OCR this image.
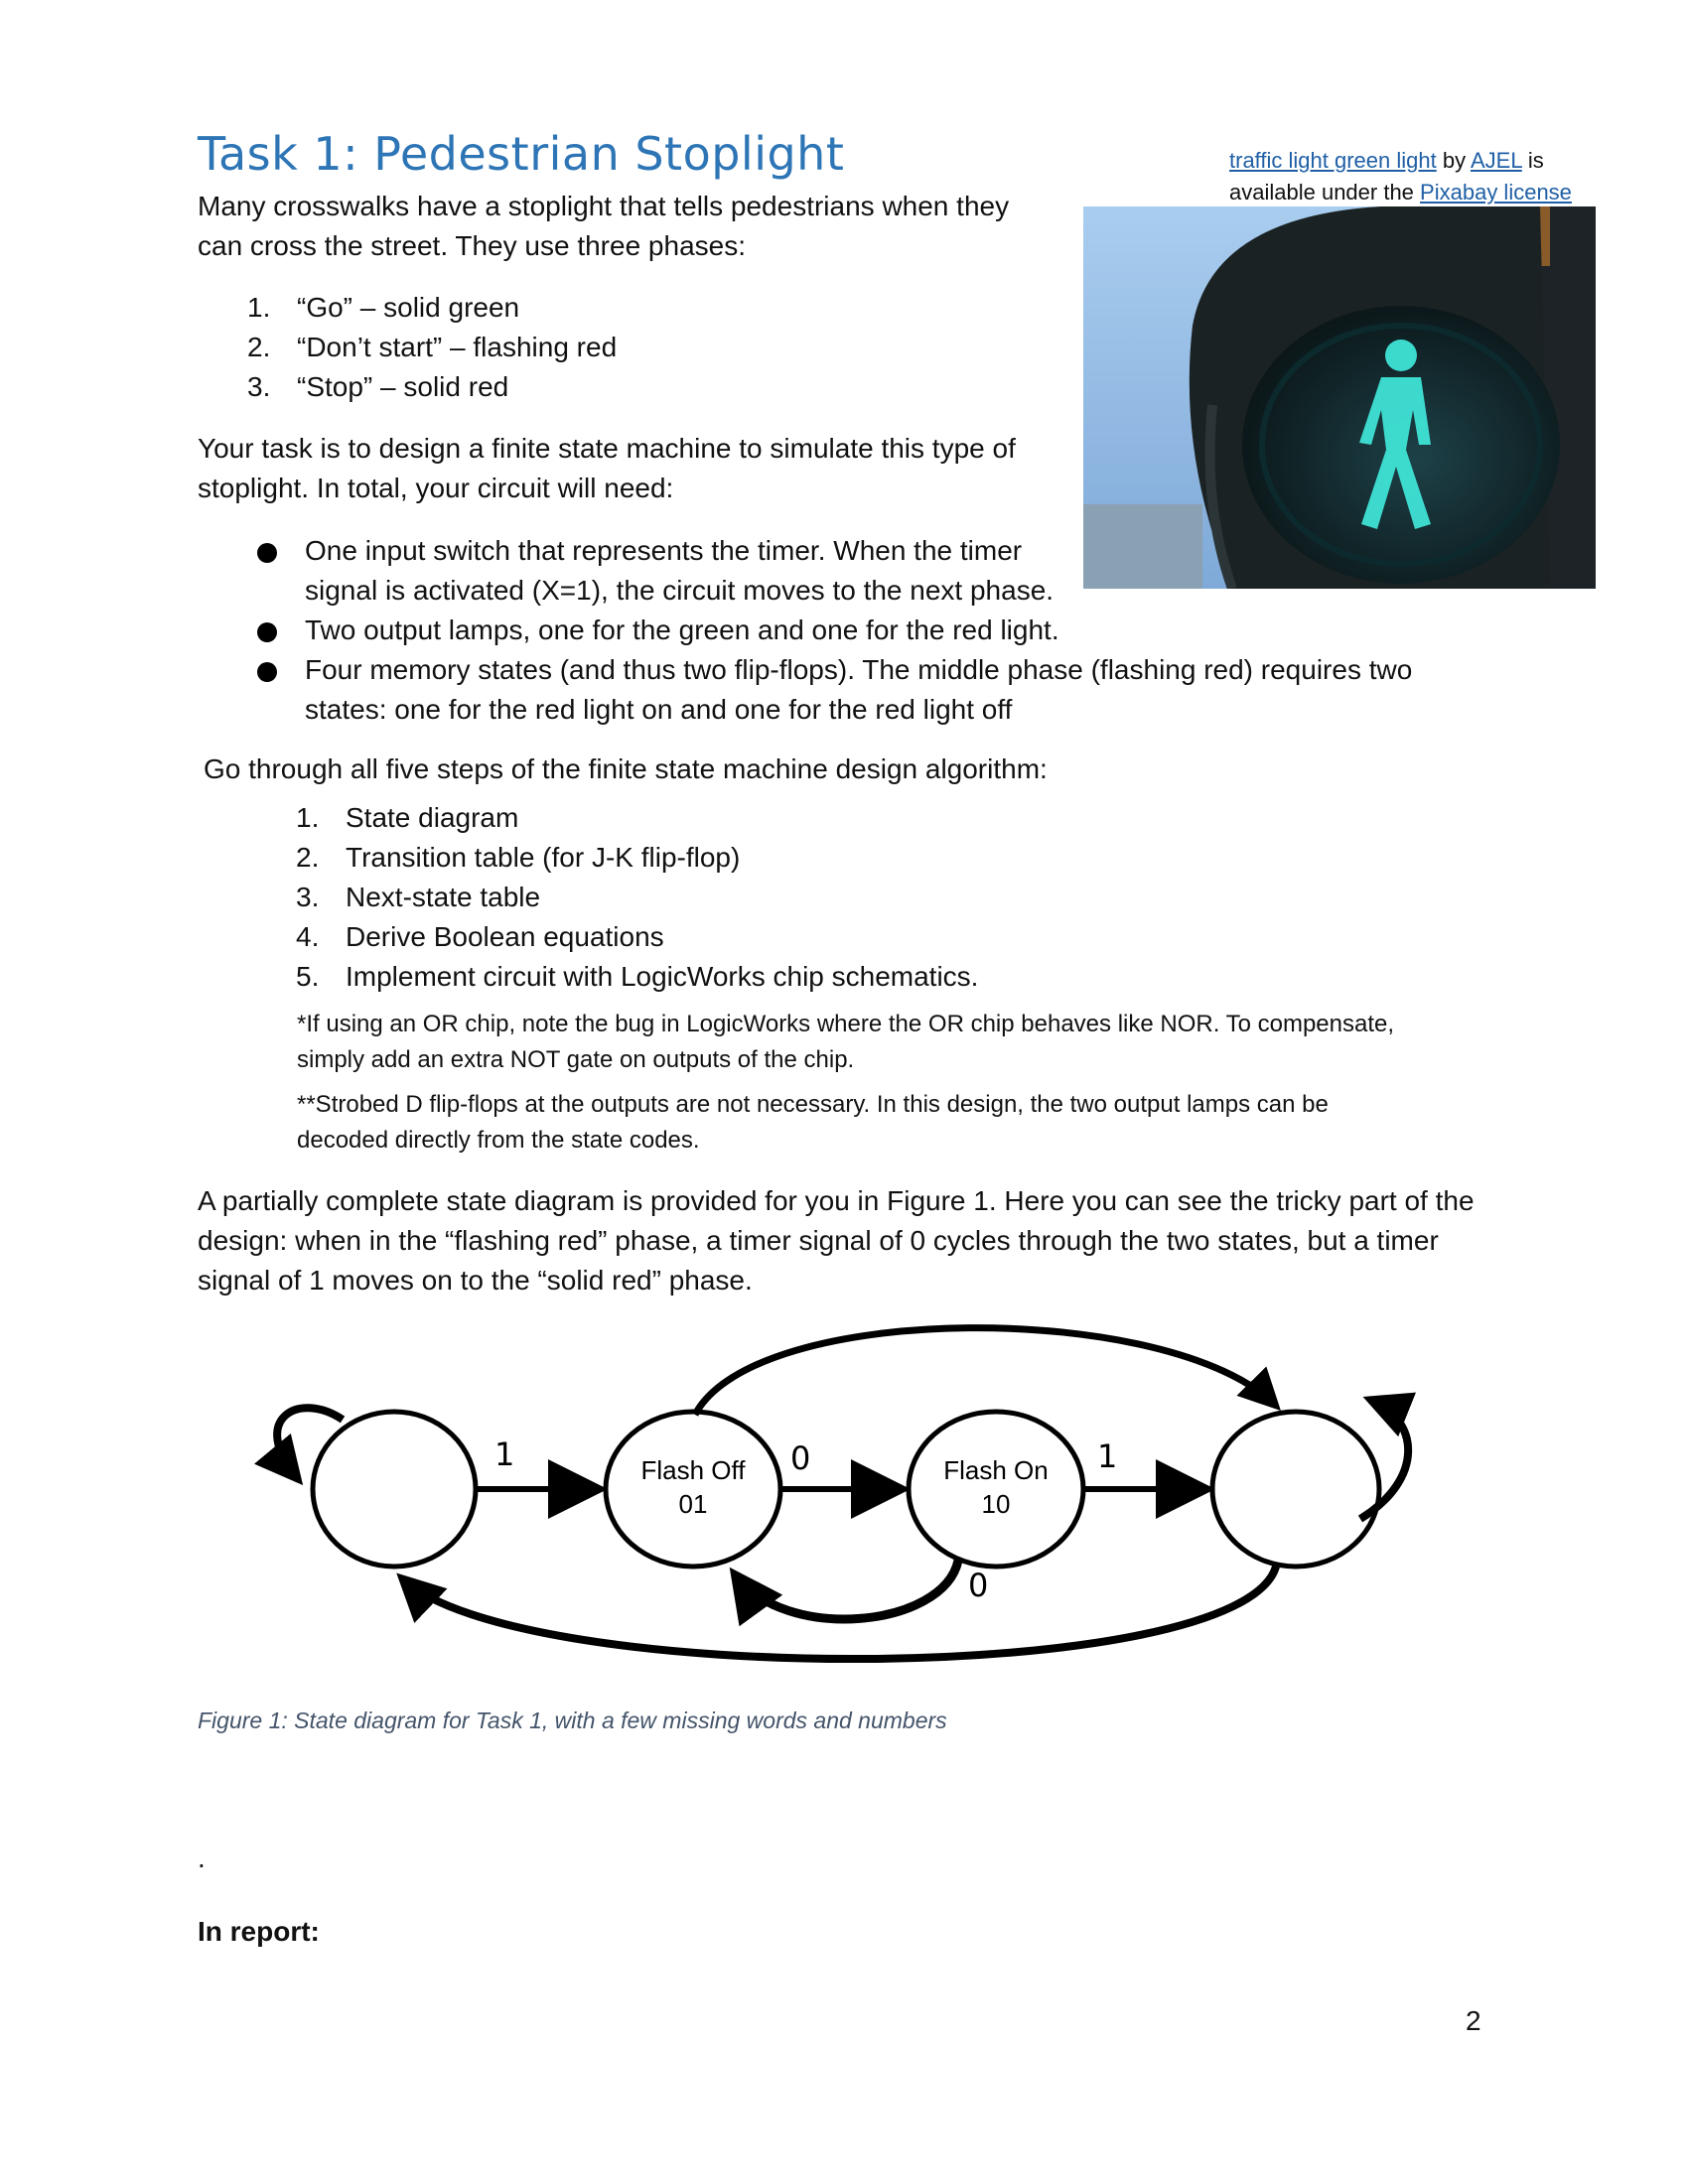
Task 1: Pedestrian Stoplight	traffic light green light by AJEL is
available under the Pixabay license
Many crosswalks have a stoplight that tells pedestrians when they
can cross the street. They use three phases:
1. “Go” – solid green
2. “Don’t start” – flashing red
3. “Stop” – solid red
Your task is to design a finite state machine to simulate this type of
stoplight. In total, your circuit will need:
One input switch that represents the timer. When the timer
signal is activated (X=1), the circuit moves to the next phase.
Two output lamps, one for the green and one for the red light.
Four memory states (and thus two flip-flops). The middle phase (flashing red) requires two
states: one for the red light on and one for the red light off

Go through all five steps of the finite state machine design algorithm:

1. State diagram
2. Transition table (for J-K flip-flop)
3. Next-state table
4. Derive Boolean equations
5. Implement circuit with LogicWorks chip schematics.
*If using an OR chip, note the bug in LogicWorks where the OR chip behaves like NOR. To compensate,
simply add an extra NOT gate on outputs of the chip.
**Strobed D flip-flops at the outputs are not necessary. In this design, the two output lamps can be
decoded directly from the state codes.
A partially complete state diagram is provided for you in Figure 1. Here you can see the tricky part of the
design: when in the “flashing red” phase, a timer signal of 0 cycles through the two states, but a timer
signal of 1 moves on to the “solid red” phase.
Flash Off
01
Flash On
10
1	0	1
0

Figure 1: State diagram for Task 1, with a few missing words and numbers

.
In report:
2
